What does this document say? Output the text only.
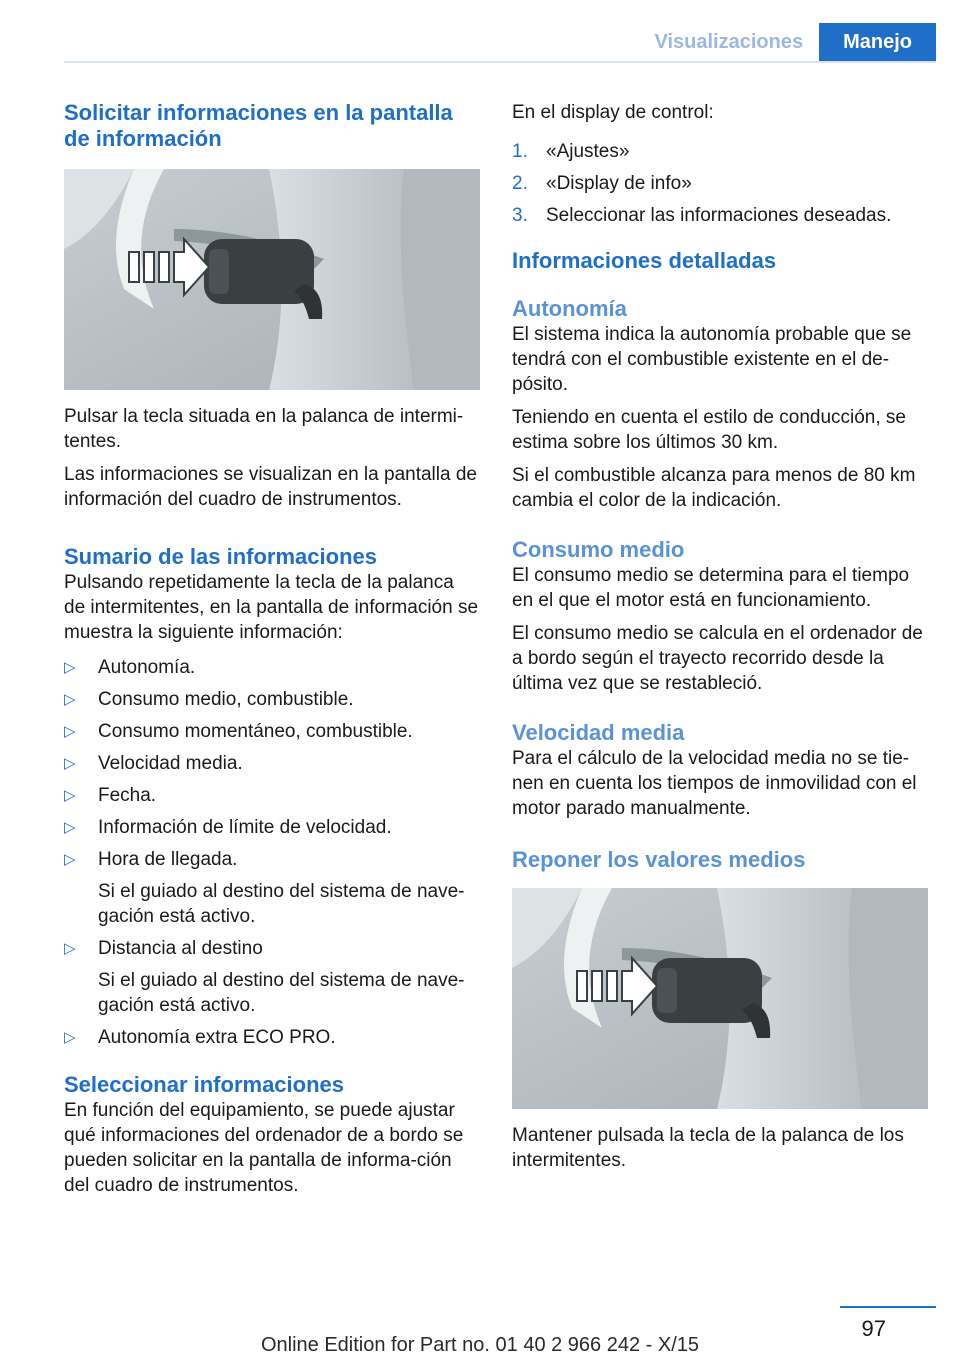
Visualizaciones	Manejo
Solicitar informaciones en la pantalla de información

Pulsar la tecla situada en la palanca de intermi‐tentes.

Las informaciones se visualizan en la pantalla de información del cuadro de instrumentos.

Sumario de las informaciones

Pulsando repetidamente la tecla de la palanca de intermitentes, en la pantalla de información se muestra la siguiente información:

▷ Autonomía.
▷ Consumo medio, combustible.
▷ Consumo momentáneo, combustible.
▷ Velocidad media.
▷ Fecha.
▷ Información de límite de velocidad.
▷ Hora de llegada.
Si el guiado al destino del sistema de nave‐gación está activo.
▷ Distancia al destino
Si el guiado al destino del sistema de nave‐gación está activo.
▷ Autonomía extra ECO PRO.
Seleccionar informaciones

En función del equipamiento, se puede ajustar qué informaciones del ordenador de a bordo se pueden solicitar en la pantalla de informa‐ción del cuadro de instrumentos.

En el display de control:

1. «Ajustes»
2. «Display de info»
3. Seleccionar las informaciones deseadas.
Informaciones detalladas
Autonomía

El sistema indica la autonomía probable que se tendrá con el combustible existente en el de‐pósito.

Teniendo en cuenta el estilo de conducción, se estima sobre los últimos 30 km.

Si el combustible alcanza para menos de 80 km cambia el color de la indicación.

Consumo medio

El consumo medio se determina para el tiempo en el que el motor está en funcionamiento.

El consumo medio se calcula en el ordenador de a bordo según el trayecto recorrido desde la última vez que se restableció.

Velocidad media

Para el cálculo de la velocidad media no se tie‐nen en cuenta los tiempos de inmovilidad con el motor parado manualmente.

Reponer los valores medios

Mantener pulsada la tecla de la palanca de los intermitentes.

97
Online Edition for Part no. 01 40 2 966 242 - X/15
